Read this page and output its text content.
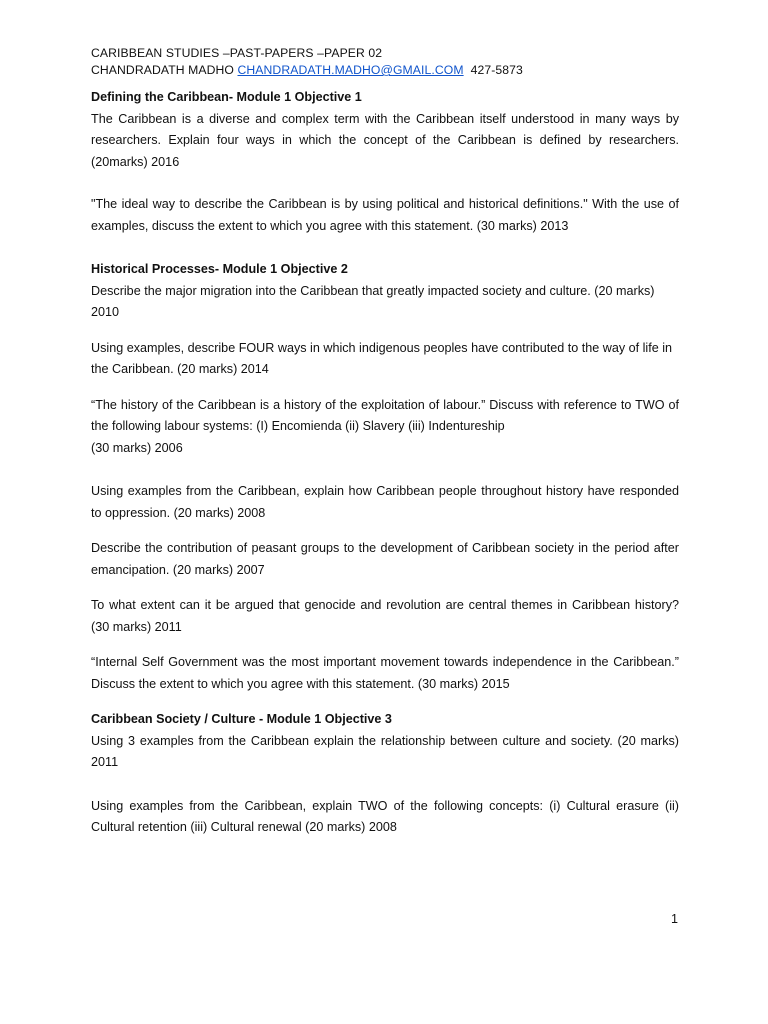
CARIBBEAN STUDIES –PAST-PAPERS –PAPER 02
CHANDRADATH MADHO CHANDRADATH.MADHO@GMAIL.COM 427-5873

Defining the Caribbean- Module 1 Objective 1

The Caribbean is a diverse and complex term with the Caribbean itself understood in many ways by researchers. Explain four ways in which the concept of the Caribbean is defined by researchers. (20marks) 2016

"The ideal way to describe the Caribbean is by using political and historical definitions." With the use of examples, discuss the extent to which you agree with this statement. (30 marks) 2013

Historical Processes- Module 1 Objective 2

Describe the major migration into the Caribbean that greatly impacted society and culture. (20 marks) 2010

Using examples, describe FOUR ways in which indigenous peoples have contributed to the way of life in the Caribbean. (20 marks) 2014

“The history of the Caribbean is a history of the exploitation of labour.” Discuss with reference to TWO of the following labour systems: (I) Encomienda (ii) Slavery (iii) Indentureship

(30 marks) 2006

Using examples from the Caribbean, explain how Caribbean people throughout history have responded to oppression. (20 marks) 2008

Describe the contribution of peasant groups to the development of Caribbean society in the period after emancipation. (20 marks) 2007

To what extent can it be argued that genocide and revolution are central themes in Caribbean history? (30 marks) 2011

“Internal Self Government was the most important movement towards independence in the Caribbean.” Discuss the extent to which you agree with this statement. (30 marks) 2015

Caribbean Society / Culture - Module 1 Objective 3

Using 3 examples from the Caribbean explain the relationship between culture and society. (20 marks) 2011

Using examples from the Caribbean, explain TWO of the following concepts: (i) Cultural erasure (ii) Cultural retention (iii) Cultural renewal (20 marks) 2008

1
